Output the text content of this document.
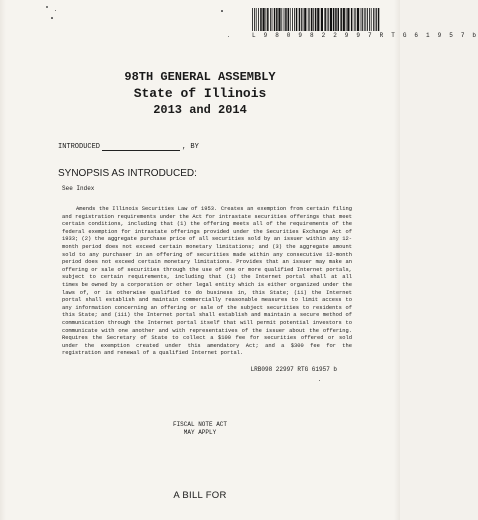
L 9 8 0 9 8 2 2 9 9 7 R T G 6 1 9 5 7 b
98TH GENERAL ASSEMBLY
State of Illinois
2013 and 2014
INTRODUCED	, BY
SYNOPSIS AS INTRODUCED:
See Index

Amends the Illinois Securities Law of 1953. Creates an exemption from certain filing and registration requirements under the Act for intrastate securities offerings that meet certain conditions, including that (1) the offering meets all of the requirements of the federal exemption for intrastate offerings provided under the Securities Exchange Act of 1933; (2) the aggregate purchase price of all securities sold by an issuer within any 12-month period does not exceed certain monetary limitations; and (3) the aggregate amount sold to any purchaser in an offering of securities made within any consecutive 12-month period does not exceed certain monetary limitations. Provides that an issuer may make an offering or sale of securities through the use of one or more qualified Internet portals, subject to certain requirements, including that (i) the Internet portal shall at all times be owned by a corporation or other legal entity which is either organized under the laws of, or is otherwise qualified to do business in, this State; (ii) the Internet portal shall establish and maintain commercially reasonable measures to limit access to any information concerning an offering or sale of the subject securities to residents of this State; and (iii) the Internet portal shall establish and maintain a secure method of communication through the Internet portal itself that will permit potential investors to communicate with one another and with representatives of the issuer about the offering. Requires the Secretary of State to collect a $100 fee for securities offered or sold under the exemption created under this amendatory Act; and a $300 fee for the registration and renewal of a qualified Internet portal.

LRB098 22997 RTG 61957 b
FISCAL NOTE ACT
MAY APPLY
A BILL FOR
